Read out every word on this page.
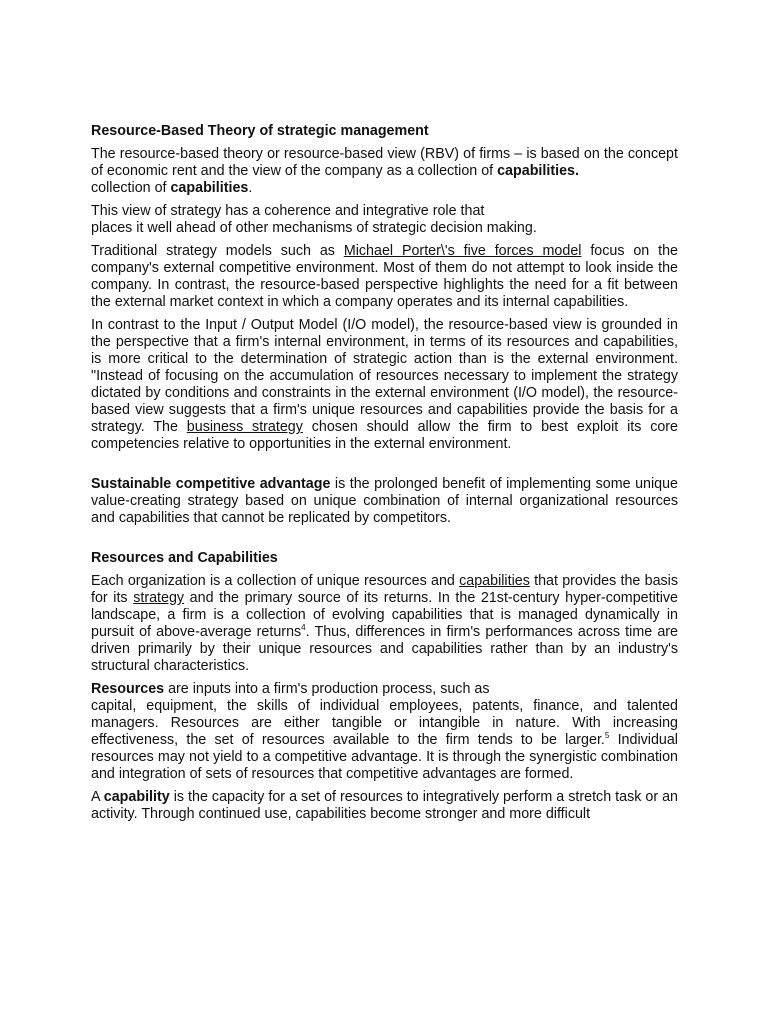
Resource-Based Theory of strategic management

The resource-based theory or resource-based view (RBV) of firms – is based on the concept of economic rent and the view of the company as a collection of capabilities.
collection of capabilities.

This view of strategy has a coherence and integrative role that
places it well ahead of other mechanisms of strategic decision making.

Traditional strategy models such as Michael Porter\'s five forces model focus on the company's external competitive environment. Most of them do not attempt to look inside the company. In contrast, the resource-based perspective highlights the need for a fit between the external market context in which a company operates and its internal capabilities.

In contrast to the Input / Output Model (I/O model), the resource-based view is grounded in the perspective that a firm's internal environment, in terms of its resources and capabilities, is more critical to the determination of strategic action than is the external environment. "Instead of focusing on the accumulation of resources necessary to implement the strategy dictated by conditions and constraints in the external environment (I/O model), the resource-based view suggests that a firm's unique resources and capabilities provide the basis for a strategy. The business strategy chosen should allow the firm to best exploit its core competencies relative to opportunities in the external environment.

Sustainable competitive advantage is the prolonged benefit of implementing some unique value-creating strategy based on unique combination of internal organizational resources and capabilities that cannot be replicated by competitors.

Resources and Capabilities

Each organization is a collection of unique resources and capabilities that provides the basis for its strategy and the primary source of its returns. In the 21st-century hyper-competitive landscape, a firm is a collection of evolving capabilities that is managed dynamically in pursuit of above-average returns$^4$. Thus, differences in firm's performances across time are driven primarily by their unique resources and capabilities rather than by an industry's structural characteristics.

Resources are inputs into a firm's production process, such as
capital, equipment, the skills of individual employees, patents, finance, and talented managers. Resources are either tangible or intangible in nature. With increasing effectiveness, the set of resources available to the firm tends to be larger.$^5$ Individual resources may not yield to a competitive advantage. It is through the synergistic combination and integration of sets of resources that competitive advantages are formed.

A capability is the capacity for a set of resources to integratively perform a stretch task or an activity. Through continued use, capabilities become stronger and more difficult
